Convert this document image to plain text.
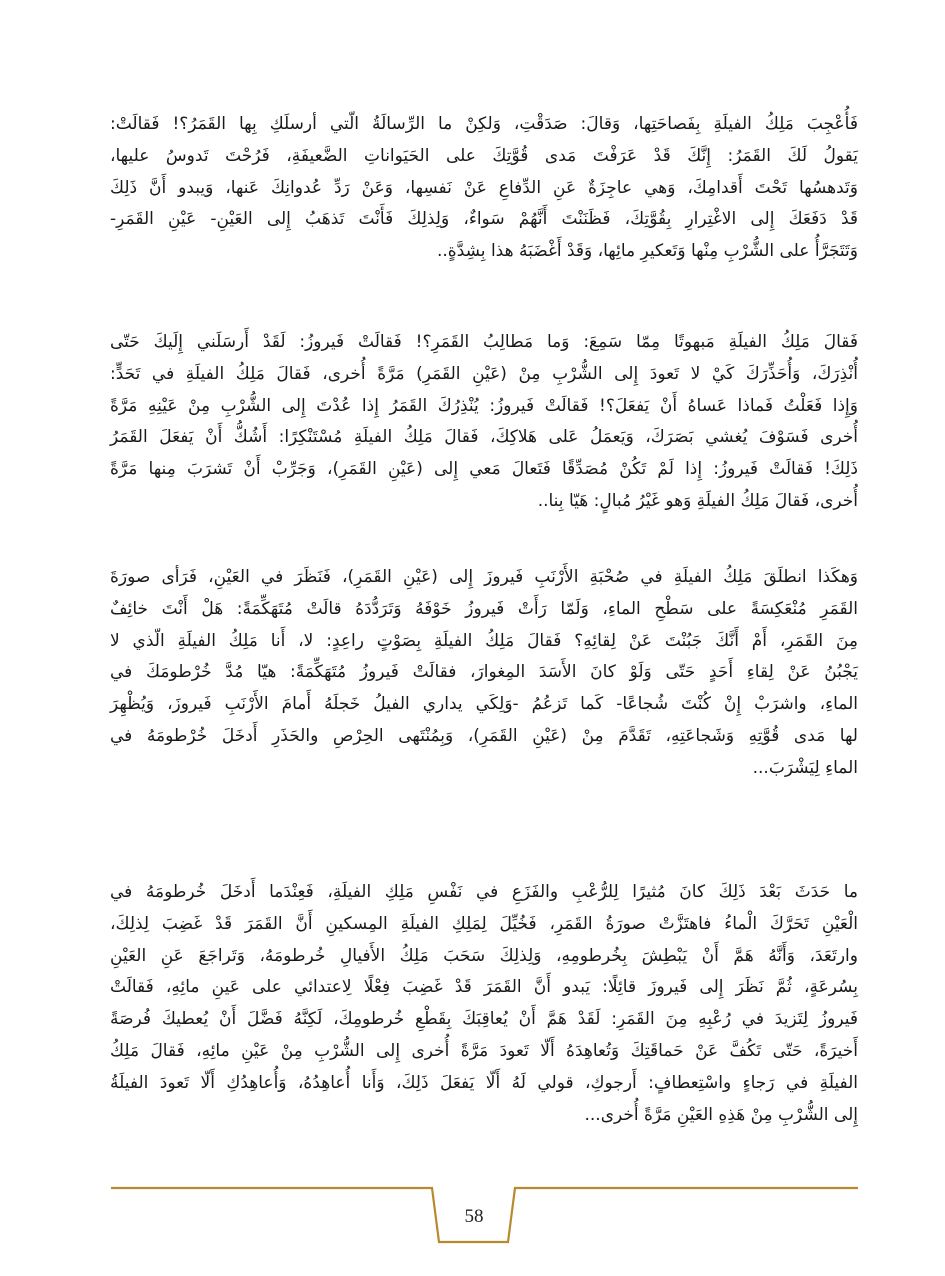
فَأُعْجِبَ مَلِكُ الفيلَةِ بِفَصاحَتِها، وَقالَ: صَدَقْتِ، وَلكِنْ ما الرِّسالَةُ الّتي أرسلَكِ بِها القَمَرُ؟! فَقالَتْ:
يَقولُ لَكَ القَمَرُ: إِنَّكَ قَدْ عَرَفْتَ مَدى قُوَّتِكَ على الحَيَواناتِ الضَّعيفَةِ، فَرُحْتَ تَدوسُ عليها،
وَتَدهسُها تَحْتَ أَقدامِكَ، وَهي عاجِزَةٌ عَنِ الدِّفاعِ عَنْ نَفسِها، وَعَنْ رَدِّ عُدوانِكَ عَنها، وَيبدو أَنَّ ذَلِكَ
قَدْ دَفَعَكَ إِلى الاغْتِرارِ بِقُوَّتِكَ، فَظَنَنْتَ أَنَّهُمْ سَواءٌ، وَلِذلِكَ فَأَنْتَ تَذهَبُ إِلى العَيْنِ- عَيْنِ القَمَرِ-
وَتَتَجَرَّأُ على الشُّرْبِ مِنْها وَتَعكيرِ مائِها، وَقَدْ أَغْضَبَهُ هذا بِشِدَّةٍ..
فَقالَ مَلِكُ الفيلَةِ مَبهوتًا مِمّا سَمِعَ: وَما مَطالِبُ القَمَرِ؟! فَقالَتْ فَيروزُ: لَقَدْ أَرسَلَني إِلَيكَ حَتّى
أُنْذِرَكَ، وَأُحَذِّرَكَ كَيْ لا تَعودَ إِلى الشُّرْبِ مِنْ (عَيْنِ القَمَرِ) مَرَّةً أُخرى، فَقالَ مَلِكُ الفيلَةِ في تَحَدٍّ:
وَإِذا فَعَلْتُ فَماذا عَساهُ أَنْ يَفعَلَ؟! فَقالَتْ فَيروزُ: يُنْذِرُكَ القَمَرُ إِذا عُدْتَ إِلى الشُّرْبِ مِنْ عَيْنِهِ مَرَّةً
أُخرى فَسَوْفَ يُغشي بَصَرَكَ، وَيَعمَلُ عَلى هَلاكِكَ، فَقالَ مَلِكُ الفيلَةِ مُسْتَنْكِرًا: أَشُكُّ أَنْ يَفعَلَ القَمَرُ
ذَلِكَ! فَقالَتْ فَيروزُ: إِذا لَمْ تَكُنْ مُصَدِّقًا فَتَعالَ مَعي إِلى (عَيْنِ القَمَرِ)، وَجَرِّبْ أَنْ تَشرَبَ مِنها مَرَّةً
أُخرى، فَقالَ مَلِكُ الفيلَةِ وَهو غَيْرُ مُبالٍ: هَيّا بِنا..
وَهكَذا انطلَقَ مَلِكُ الفيلَةِ في صُحْبَةِ الأَرْنَبِ فَيروزَ إِلى (عَيْنِ القَمَرِ)، فَنَظَرَ في العَيْنِ، فَرَأى صورَةَ
القَمَرِ مُنْعَكِسَةً على سَطْحِ الماءِ، وَلَمّا رَأَتْ فَيروزُ خَوْفَهُ وَتَرَدُّدَهُ قالَتْ مُتَهَكِّمَةً: هَلْ أَنْتَ خائِفٌ
مِنَ القَمَرِ، أَمْ أَنَّكَ جَبُنْتَ عَنْ لِقائِهِ؟ فَقالَ مَلِكُ الفيلَةِ بِصَوْتٍ راعِدٍ: لا، أَنا مَلِكُ الفيلَةِ الّذي لا
يَجْبُنُ عَنْ لِقاءِ أَحَدٍ حَتّى وَلَوْ كانَ الأَسَدَ المِغوارَ، فقالَتْ فَيروزُ مُتَهَكِّمَةً: هيّا مُدَّ خُرْطومَكَ في
الماءِ، واشرَبْ إِنْ كُنْتَ شُجاعًا- كَما تَزعُمُ -وَلِكَي يداري الفيلُ خَجلَهُ أَمامَ الأَرْنَبِ فَيروزَ، وَيُظْهِرَ
لها مَدى قُوَّتِهِ وَشَجاعَتِهِ، تَقَدَّمَ مِنْ (عَيْنِ القَمَرِ)، وَبِمُنْتَهى الحِرْصِ والحَذَرِ أَدخَلَ خُرْطومَهُ في
الماءِ لِيَشْرَبَ...
ما حَدَثَ بَعْدَ ذَلِكَ كانَ مُثيرًا لِلرُّعْبِ والفَزَعِ في نَفْسِ مَلِكِ الفيلَةِ، فَعِنْدَما أَدخَلَ خُرطومَهُ في
الْعَيْنِ تَحَرَّكَ الْماءُ فاهتَزَّتْ صورَةُ القَمَرِ، فَخُيِّلَ لِمَلِكِ الفيلَةِ المِسكينِ أَنَّ القَمَرَ قَدْ غَضِبَ لِذلِكَ،
وارتَعَدَ، وَأَنَّهُ هَمَّ أَنْ يَبْطِشَ بِخُرطومِهِ، وَلِذلِكَ سَحَبَ مَلِكُ الأَفيالِ خُرطومَهُ، وَتَراجَعَ عَنِ العَيْنِ
بِسُرعَةٍ، ثُمَّ نَظَرَ إِلى فَيروزَ قائِلًا: يَبدو أَنَّ القَمَرَ قَدْ غَضِبَ فِعْلًا لِاعتدائي على عَينِ مائِهِ، فَقالَتْ
فَيروزُ لِتَزيدَ في رُعْبِهِ مِنَ القَمَرِ: لَقَدْ هَمَّ أَنْ يُعاقِبَكَ بِقَطْعِ خُرطومِكَ، لَكِنَّهُ فَضَّلَ أَنْ يُعطيكَ فُرصَةً
أَخيرَةً، حَتّى تَكُفَّ عَنْ حَماقَتِكَ وَتُعاهِدَهُ أَلّا تَعودَ مَرَّةً أُخرى إِلى الشُّرْبِ مِنْ عَيْنِ مائِهِ، فَقالَ مَلِكُ
الفيلَةِ في رَجاءٍ واسْتِعطافٍ: أَرجوكِ، قولي لَهُ أَلّا يَفعَلَ ذَلِكَ، وَأَنا أُعاهِدُهُ، وَأُعاهِدُكِ أَلّا تَعودَ الفيلَةُ
إِلى الشُّرْبِ مِنْ هَذِهِ العَيْنِ مَرَّةً أُخرى...
58
